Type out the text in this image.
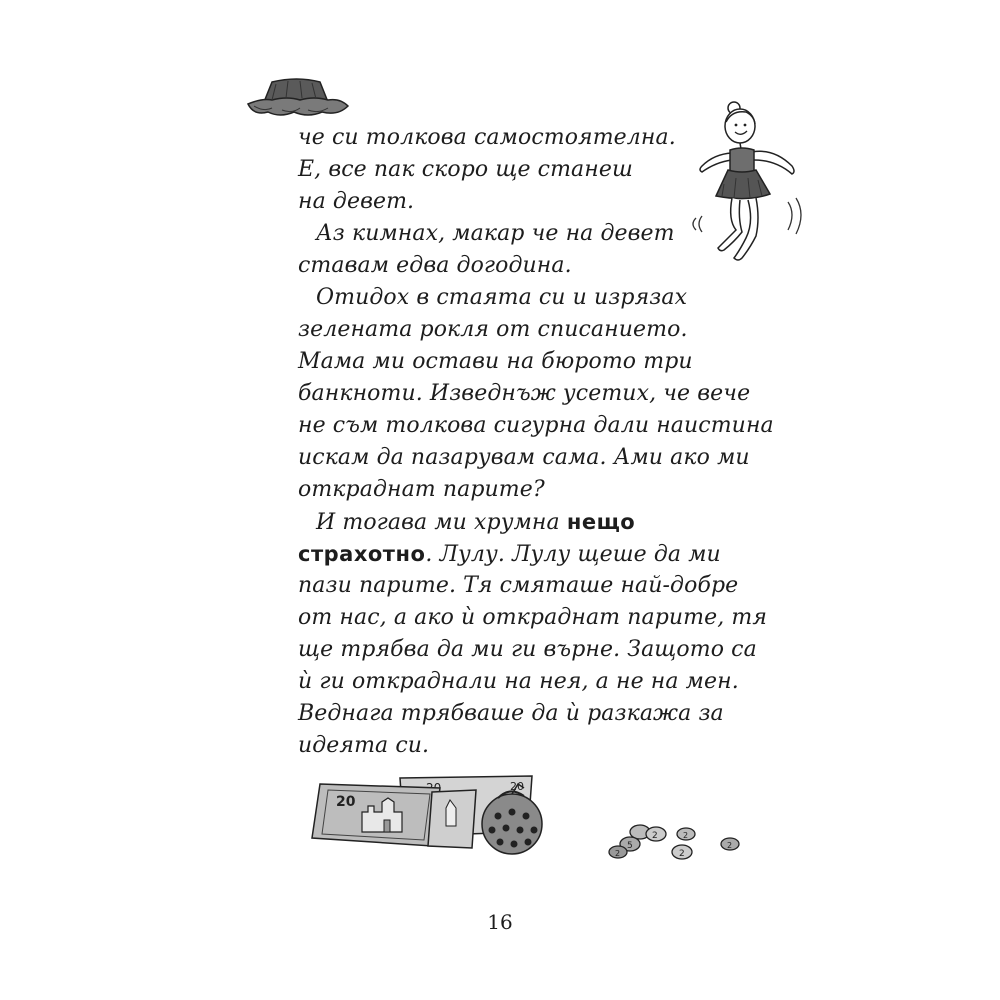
че си толкова самостоятелна.
Е, все пак скоро ще станеш
на девет.
Аз кимнах, макар че на девет
ставам едва догодина.
Отидох в стаята си и изрязах
зелената рокля от списанието.
Мама ми остави на бюрото три
банкноти. Изведнъж усетих, че вече
не съм толкова сигурна дали наистина
искам да пазарувам сама. Ами ако ми
откраднат парите?
И тогава ми хрумна нещо
страхотно. Лулу. Лулу щеше да ми
пази парите. Тя смяташе най-добре
от нас, а ако ѝ откраднат парите, тя
ще трябва да ми ги върне. Защото са
ѝ ги откраднали на нея, а не на мен.
Веднага трябваше да ѝ разкажа за
идеята си.
20
20
2
5
2
2
2
2
16
